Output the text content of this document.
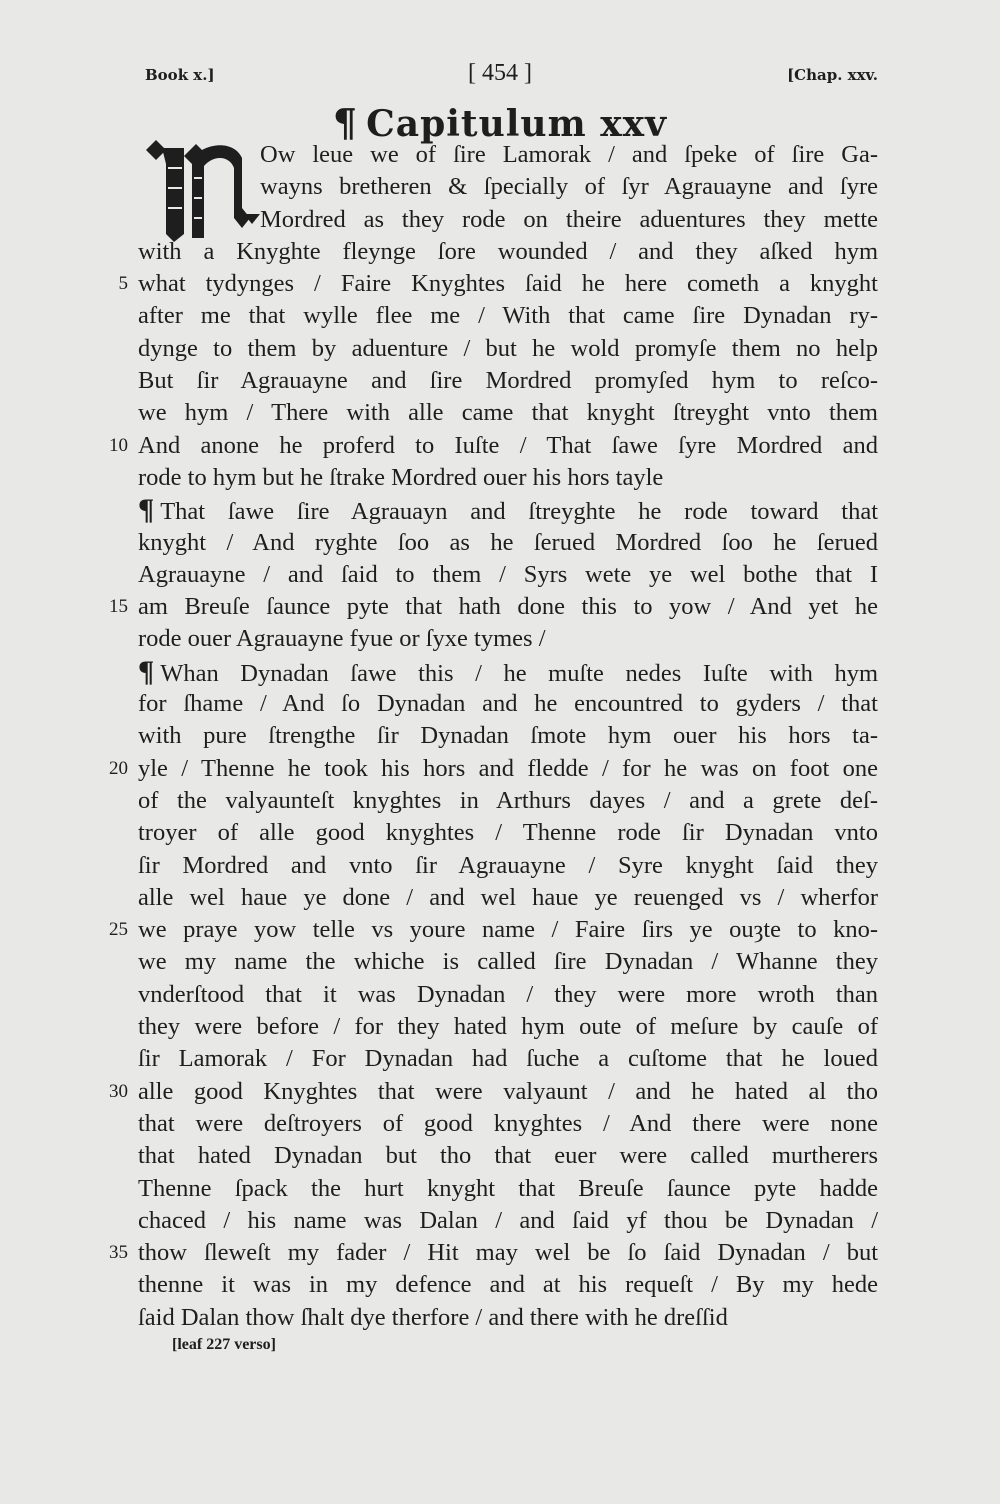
Book x.]	[ 454 ]	[Chap. xxv.
¶ Capitulum xxv
N
Ow leue we of ſire Lamorak / and ſpeke of ſire Ga-
wayns bretheren & ſpecially of ſyr Agrauayne and ſyre
Mordred as they rode on theire aduentures they mette
with a Knyghte fleynge ſore wounded / and they aſked hym
what tydynges / Faire Knyghtes ſaid he here cometh a knyght
after me that wylle flee me / With that came ſire Dynadan ry-
dynge to them by aduenture / but he wold promyſe them no help
But ſir Agrauayne and ſire Mordred promyſed hym to reſco-
we hym / There with alle came that knyght ſtreyght vnto them
And anone he proferd to Iuſte / That ſawe ſyre Mordred and
rode to hym but he ſtrake Mordred ouer his hors tayle
¶ That ſawe ſire Agrauayn and ſtreyghte he rode toward that
knyght / And ryghte ſoo as he ſerued Mordred ſoo he ſerued
Agrauayne / and ſaid to them / Syrs wete ye wel bothe that I
am Breuſe ſaunce pyte that hath done this to yow / And yet he
rode ouer Agrauayne fyue or ſyxe tymes /
¶ Whan Dynadan ſawe this / he muſte nedes Iuſte with hym
for ſhame / And ſo Dynadan and he encountred to gyders / that
with pure ſtrengthe ſir Dynadan ſmote hym ouer his hors ta-
yle / Thenne he took his hors and fledde / for he was on foot one
of the valyaunteſt knyghtes in Arthurs dayes / and a grete deſ-
troyer of alle good knyghtes / Thenne rode ſir Dynadan vnto
ſir Mordred and vnto ſir Agrauayne / Syre knyght ſaid they
alle wel haue ye done / and wel haue ye reuenged vs / wherfor
we praye yow telle vs youre name / Faire ſirs ye ouȝte to kno-
we my name the whiche is called ſire Dynadan / Whanne they
vnderſtood that it was Dynadan / they were more wroth than
they were before / for they hated hym oute of meſure by cauſe of
ſir Lamorak / For Dynadan had ſuche a cuſtome that he loued
alle good Knyghtes that were valyaunt / and he hated al tho
that were deſtroyers of good knyghtes / And there were none
that hated Dynadan but tho that euer were called murtherers
Thenne ſpack the hurt knyght that Breuſe ſaunce pyte hadde
chaced / his name was Dalan / and ſaid yf thou be Dynadan /
thow ſleweſt my fader / Hit may wel be ſo ſaid Dynadan / but
thenne it was in my defence and at his requeſt / By my hede
ſaid Dalan thow ſhalt dye therfore / and there with he dreſſid
[leaf 227 verso]
5
10
15
20
25
30
35
